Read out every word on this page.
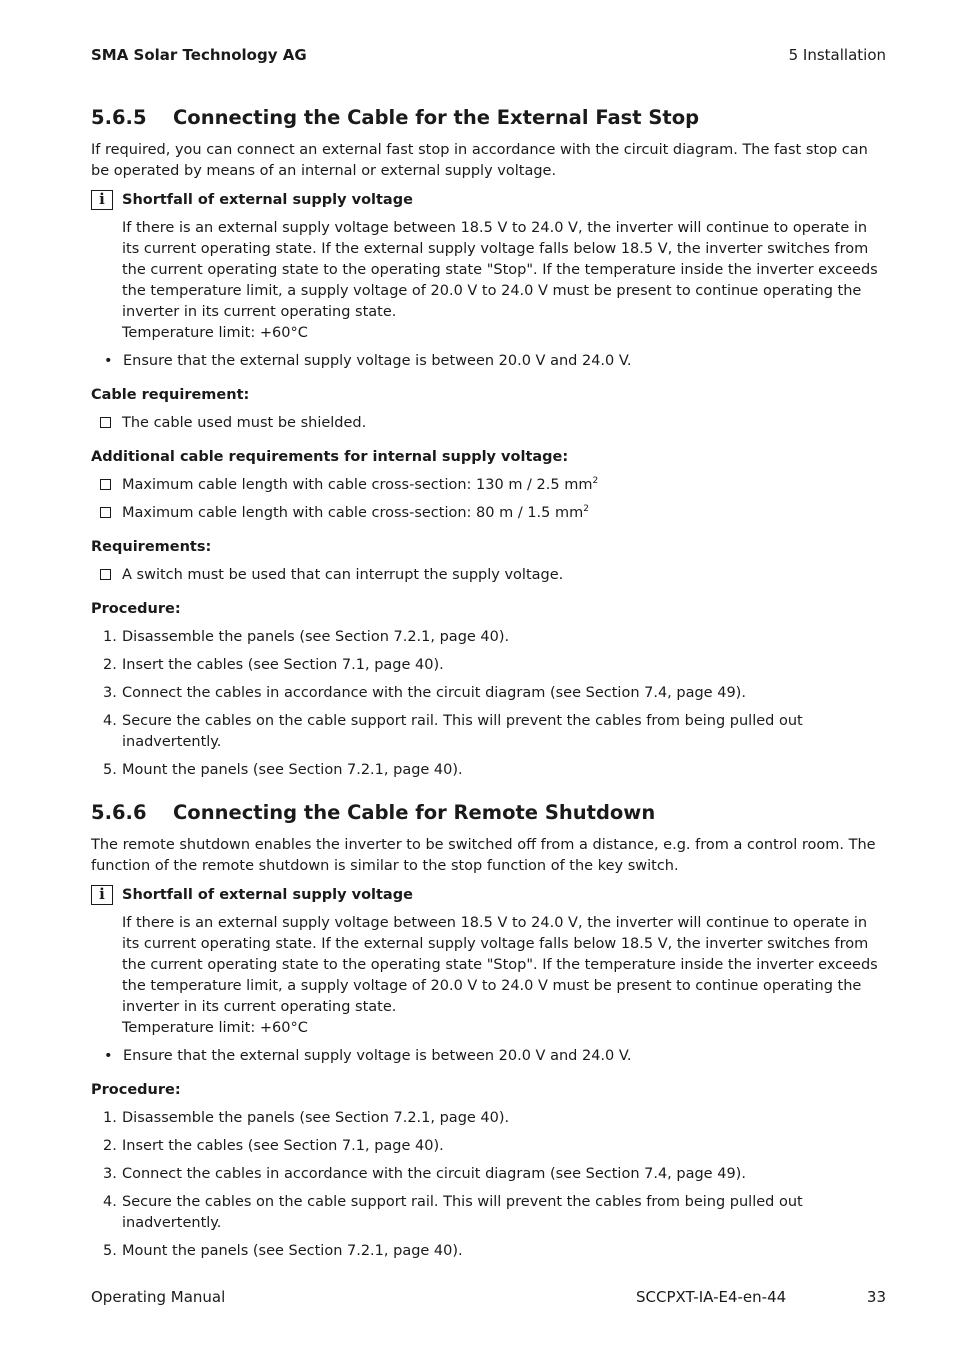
SMA Solar Technology AG	5 Installation
5.6.5	Connecting the Cable for the External Fast Stop

If required, you can connect an external fast stop in accordance with the circuit diagram. The fast stop can be operated by means of an internal or external supply voltage.

i	Shortfall of external supply voltage
If there is an external supply voltage between 18.5 V to 24.0 V, the inverter will continue to operate in its current operating state. If the external supply voltage falls below 18.5 V, the inverter switches from the current operating state to the operating state "Stop". If the temperature inside the inverter exceeds the temperature limit, a supply voltage of 20.0 V to 24.0 V must be present to continue operating the inverter in its current operating state.
Temperature limit: +60°C
• Ensure that the external supply voltage is between 20.0 V and 24.0 V.
Cable requirement:
The cable used must be shielded.
Additional cable requirements for internal supply voltage:
Maximum cable length with cable cross-section: 130 m / 2.5 $mm^2$
Maximum cable length with cable cross-section: 80 m / 1.5 $mm^2$
Requirements:
A switch must be used that can interrupt the supply voltage.
Procedure:
1. Disassemble the panels (see Section 7.2.1, page 40).
2. Insert the cables (see Section 7.1, page 40).
3. Connect the cables in accordance with the circuit diagram (see Section 7.4, page 49).
4. Secure the cables on the cable support rail. This will prevent the cables from being pulled out inadvertently.
5. Mount the panels (see Section 7.2.1, page 40).
5.6.6	Connecting the Cable for Remote Shutdown

The remote shutdown enables the inverter to be switched off from a distance, e.g. from a control room. The function of the remote shutdown is similar to the stop function of the key switch.

i	Shortfall of external supply voltage
If there is an external supply voltage between 18.5 V to 24.0 V, the inverter will continue to operate in its current operating state. If the external supply voltage falls below 18.5 V, the inverter switches from the current operating state to the operating state "Stop". If the temperature inside the inverter exceeds the temperature limit, a supply voltage of 20.0 V to 24.0 V must be present to continue operating the inverter in its current operating state.
Temperature limit: +60°C
• Ensure that the external supply voltage is between 20.0 V and 24.0 V.
Procedure:
1. Disassemble the panels (see Section 7.2.1, page 40).
2. Insert the cables (see Section 7.1, page 40).
3. Connect the cables in accordance with the circuit diagram (see Section 7.4, page 49).
4. Secure the cables on the cable support rail. This will prevent the cables from being pulled out inadvertently.
5. Mount the panels (see Section 7.2.1, page 40).
Operating Manual	SCCPXT-IA-E4-en-44	33
